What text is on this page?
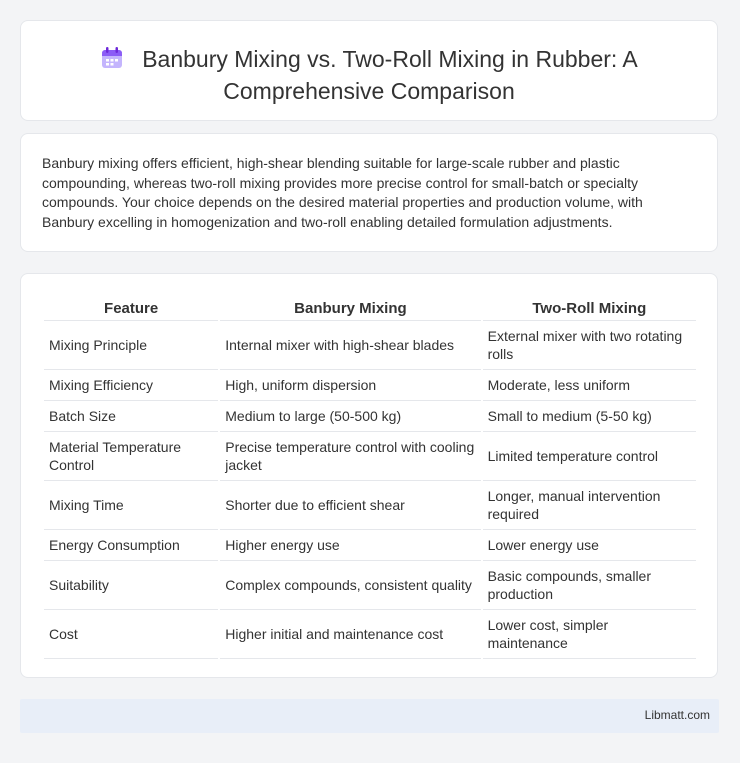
Banbury Mixing vs. Two-Roll Mixing in Rubber: A
Comprehensive Comparison

Banbury mixing offers efficient, high-shear blending suitable for large-scale rubber and plastic compounding, whereas two-roll mixing provides more precise control for small-batch or specialty compounds. Your choice depends on the desired material properties and production volume, with Banbury excelling in homogenization and two-roll enabling detailed formulation adjustments.

Feature	Banbury Mixing	Two-Roll Mixing
Mixing Principle	Internal mixer with high-shear blades	External mixer with two rotating rolls
Mixing Efficiency	High, uniform dispersion	Moderate, less uniform
Batch Size	Medium to large (50-500 kg)	Small to medium (5-50 kg)
Material Temperature Control	Precise temperature control with cooling jacket	Limited temperature control
Mixing Time	Shorter due to efficient shear	Longer, manual intervention required
Energy Consumption	Higher energy use	Lower energy use
Suitability	Complex compounds, consistent quality	Basic compounds, smaller production
Cost	Higher initial and maintenance cost	Lower cost, simpler maintenance
Libmatt.com
